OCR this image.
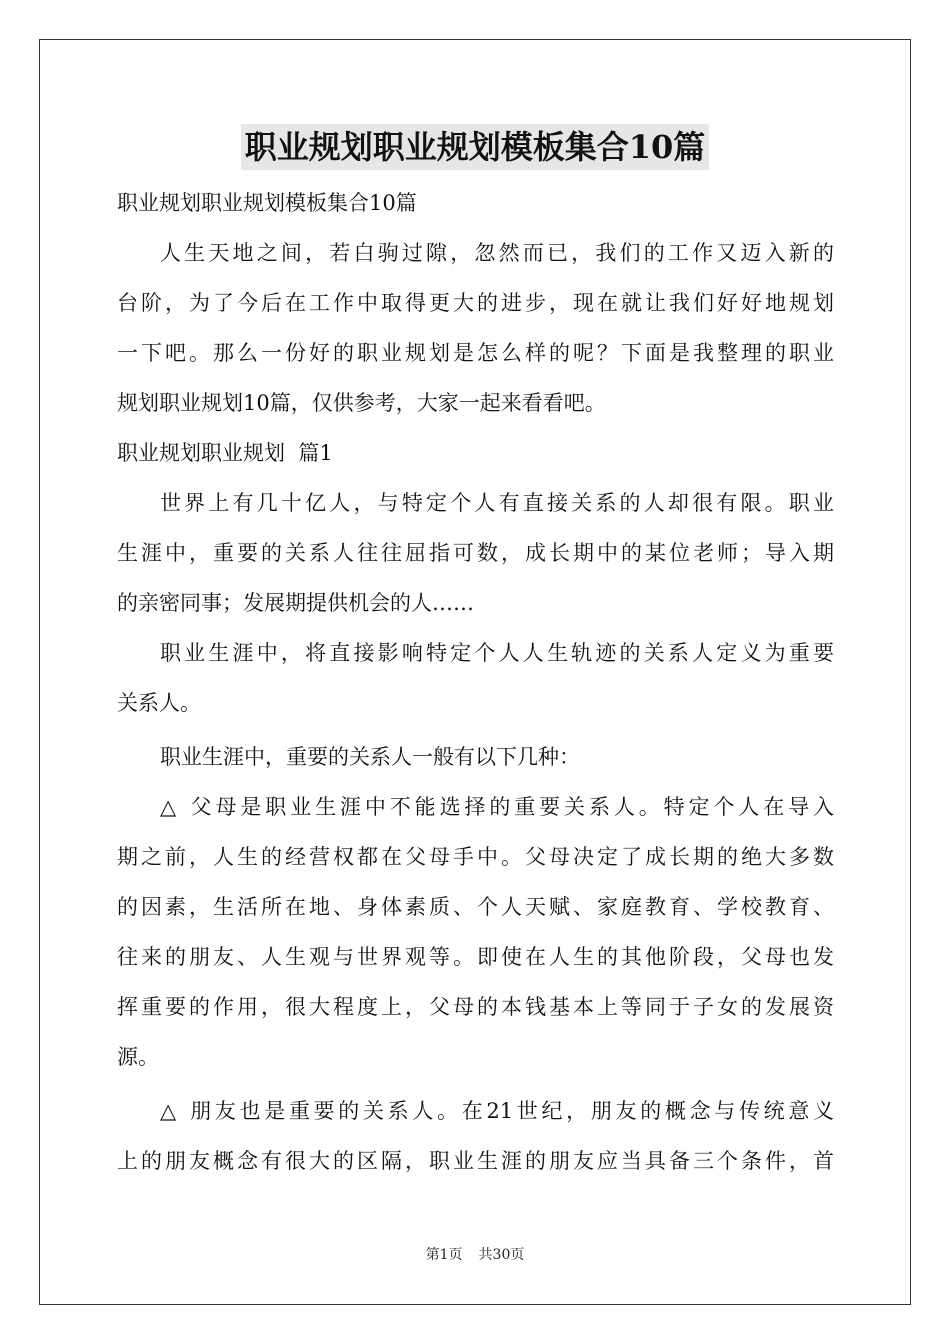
职业规划职业规划模板集合10篇
职业规划职业规划模板集合10篇
人生天地之间，若白驹过隙，忽然而已，我们的工作又迈入新的
台阶，为了今后在工作中取得更大的进步，现在就让我们好好地规划
一下吧。那么一份好的职业规划是怎么样的呢？下面是我整理的职业
规划职业规划10篇，仅供参考，大家一起来看看吧。
职业规划职业规划  篇1
世界上有几十亿人，与特定个人有直接关系的人却很有限。职业
生涯中，重要的关系人往往屈指可数，成长期中的某位老师；导入期
的亲密同事；发展期提供机会的人……
职业生涯中，将直接影响特定个人人生轨迹的关系人定义为重要
关系人。
职业生涯中，重要的关系人一般有以下几种：
△ 父母是职业生涯中不能选择的重要关系人。特定个人在导入
期之前，人生的经营权都在父母手中。父母决定了成长期的绝大多数
的因素，生活所在地、身体素质、个人天赋、家庭教育、学校教育、
往来的朋友、人生观与世界观等。即使在人生的其他阶段，父母也发
挥重要的作用，很大程度上，父母的本钱基本上等同于子女的发展资
源。
△ 朋友也是重要的关系人。在21世纪，朋友的概念与传统意义
上的朋友概念有很大的区隔，职业生涯的朋友应当具备三个条件，首
第1页 共30页
